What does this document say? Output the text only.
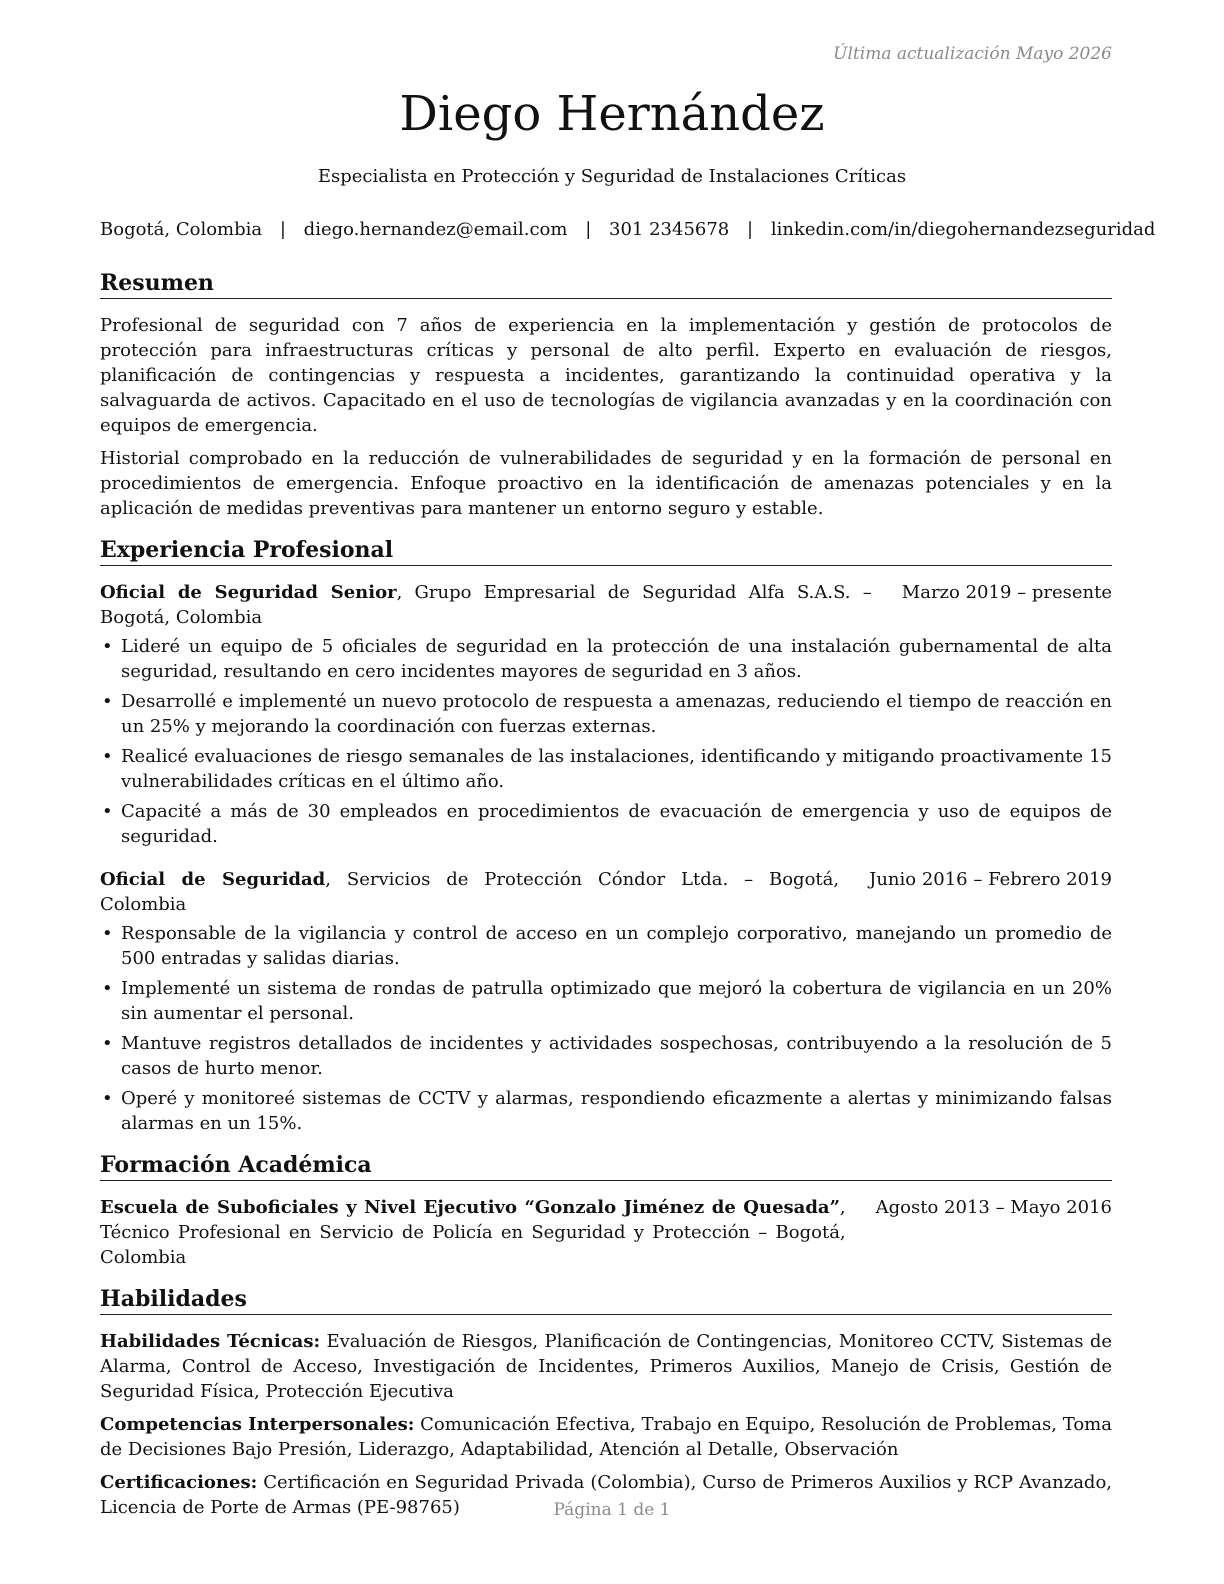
Última actualización Mayo 2026
Diego Hernández
Especialista en Protección y Seguridad de Instalaciones Críticas
Bogotá, Colombia | diego.hernandez@email.com | 301 2345678 | linkedin.com/in/diegohernandezseguridad
Resumen

Profesional de seguridad con 7 años de experiencia en la implementación y gestión de protocolos de protección para infraestructuras críticas y personal de alto perfil. Experto en evaluación de riesgos, planificación de contingencias y respuesta a incidentes, garantizando la continuidad operativa y la salvaguarda de activos. Capacitado en el uso de tecnologías de vigilancia avanzadas y en la coordinación con equipos de emergencia.

Historial comprobado en la reducción de vulnerabilidades de seguridad y en la formación de personal en procedimientos de emergencia. Enfoque proactivo en la identificación de amenazas potenciales y en la aplicación de medidas preventivas para mantener un entorno seguro y estable.

Experiencia Profesional
Oficial de Seguridad Senior, Grupo Empresarial de Seguridad Alfa S.A.S. – Bogotá, Colombia
Marzo 2019 – presente
• Lideré un equipo de 5 oficiales de seguridad en la protección de una instalación gubernamental de alta seguridad, resultando en cero incidentes mayores de seguridad en 3 años.
• Desarrollé e implementé un nuevo protocolo de respuesta a amenazas, reduciendo el tiempo de reacción en un 25% y mejorando la coordinación con fuerzas externas.
• Realicé evaluaciones de riesgo semanales de las instalaciones, identificando y mitigando proactivamente 15 vulnerabilidades críticas en el último año.
• Capacité a más de 30 empleados en procedimientos de evacuación de emergencia y uso de equipos de seguridad.
Oficial de Seguridad, Servicios de Protección Cóndor Ltda. – Bogotá, Colombia
Junio 2016 – Febrero 2019
• Responsable de la vigilancia y control de acceso en un complejo corporativo, manejando un promedio de 500 entradas y salidas diarias.
• Implementé un sistema de rondas de patrulla optimizado que mejoró la cobertura de vigilancia en un 20% sin aumentar el personal.
• Mantuve registros detallados de incidentes y actividades sospechosas, contribuyendo a la resolución de 5 casos de hurto menor.
• Operé y monitoreé sistemas de CCTV y alarmas, respondiendo eficazmente a alertas y minimizando falsas alarmas en un 15%.
Formación Académica
Escuela de Suboficiales y Nivel Ejecutivo “Gonzalo Jiménez de Quesada”, Técnico Profesional en Servicio de Policía en Seguridad y Protección – Bogotá, Colombia
Agosto 2013 – Mayo 2016
Habilidades
Habilidades Técnicas: Evaluación de Riesgos, Planificación de Contingencias, Monitoreo CCTV, Sistemas de Alarma, Control de Acceso, Investigación de Incidentes, Primeros Auxilios, Manejo de Crisis, Gestión de Seguridad Física, Protección Ejecutiva
Competencias Interpersonales: Comunicación Efectiva, Trabajo en Equipo, Resolución de Problemas, Toma de Decisiones Bajo Presión, Liderazgo, Adaptabilidad, Atención al Detalle, Observación
Certificaciones: Certificación en Seguridad Privada (Colombia), Curso de Primeros Auxilios y RCP Avanzado, Licencia de Porte de Armas (PE-98765)	Página 1 de 1
